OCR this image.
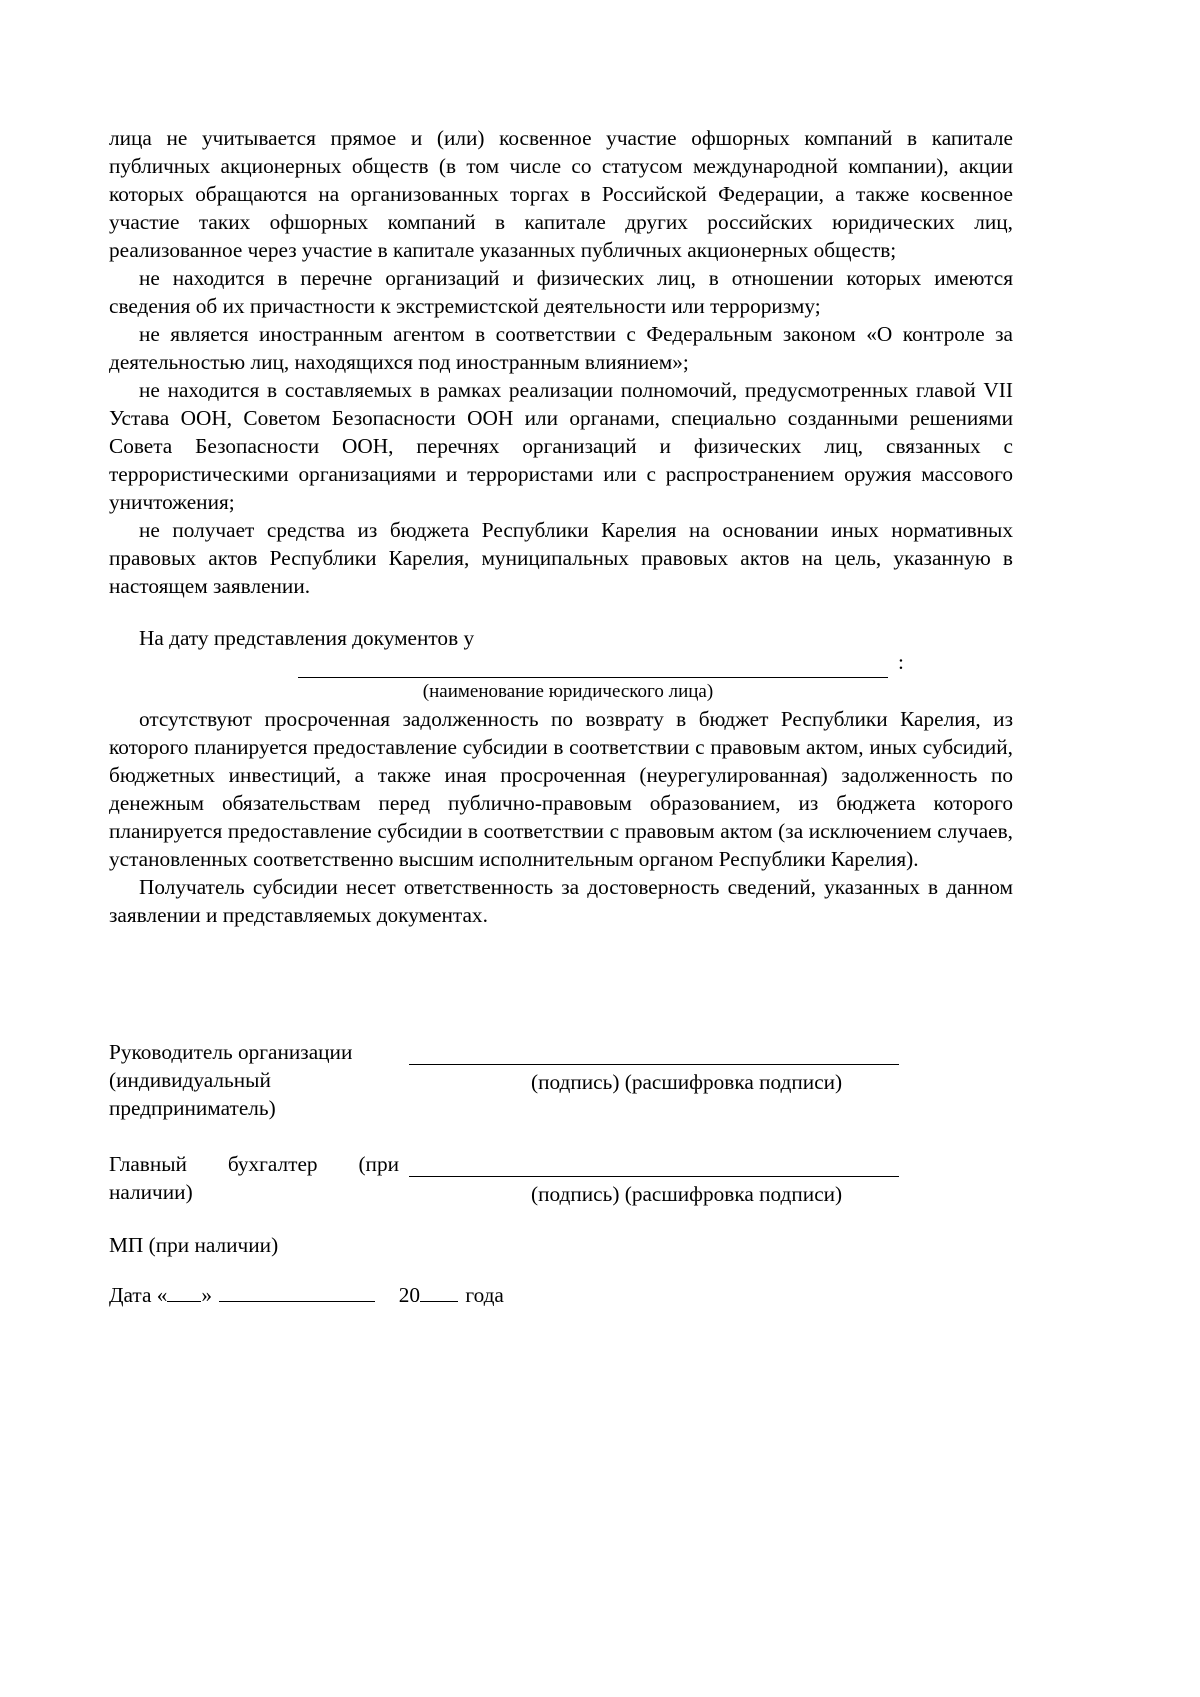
лица не учитывается прямое и (или) косвенное участие офшорных компаний в капитале публичных акционерных обществ (в том числе со статусом международной компании), акции которых обращаются на организованных торгах в Российской Федерации, а также косвенное участие таких офшорных компаний в капитале других российских юридических лиц, реализованное через участие в капитале указанных публичных акционерных обществ;

не находится в перечне организаций и физических лиц, в отношении которых имеются сведения об их причастности к экстремистской деятельности или терроризму;

не является иностранным агентом в соответствии с Федеральным законом «О контроле за деятельностью лиц, находящихся под иностранным влиянием»;

не находится в составляемых в рамках реализации полномочий, предусмотренных главой VII Устава ООН, Советом Безопасности ООН или органами, специально созданными решениями Совета Безопасности ООН, перечнях организаций и физических лиц, связанных с террористическими организациями и террористами или с распространением оружия массового уничтожения;

не получает средства из бюджета Республики Карелия на основании иных нормативных правовых актов Республики Карелия, муниципальных правовых актов на цель, указанную в настоящем заявлении.

На дату представления документов у

:
(наименование юридического лица)

отсутствуют просроченная задолженность по возврату в бюджет Республики Карелия, из которого планируется предоставление субсидии в соответствии с правовым актом, иных субсидий, бюджетных инвестиций, а также иная просроченная (неурегулированная) задолженность по денежным обязательствам перед публично-правовым образованием, из бюджета которого планируется предоставление субсидии в соответствии с правовым актом (за исключением случаев, установленных соответственно высшим исполнительным органом Республики Карелия).

Получатель субсидии несет ответственность за достоверность сведений, указанных в данном заявлении и представляемых документах.

Руководитель организации
(индивидуальный
предприниматель)
(подпись) (расшифровка подписи)
Главный бухгалтер (при
наличии)	(подпись) (расшифровка подписи)
МП (при наличии)
Дата « »	20 года
